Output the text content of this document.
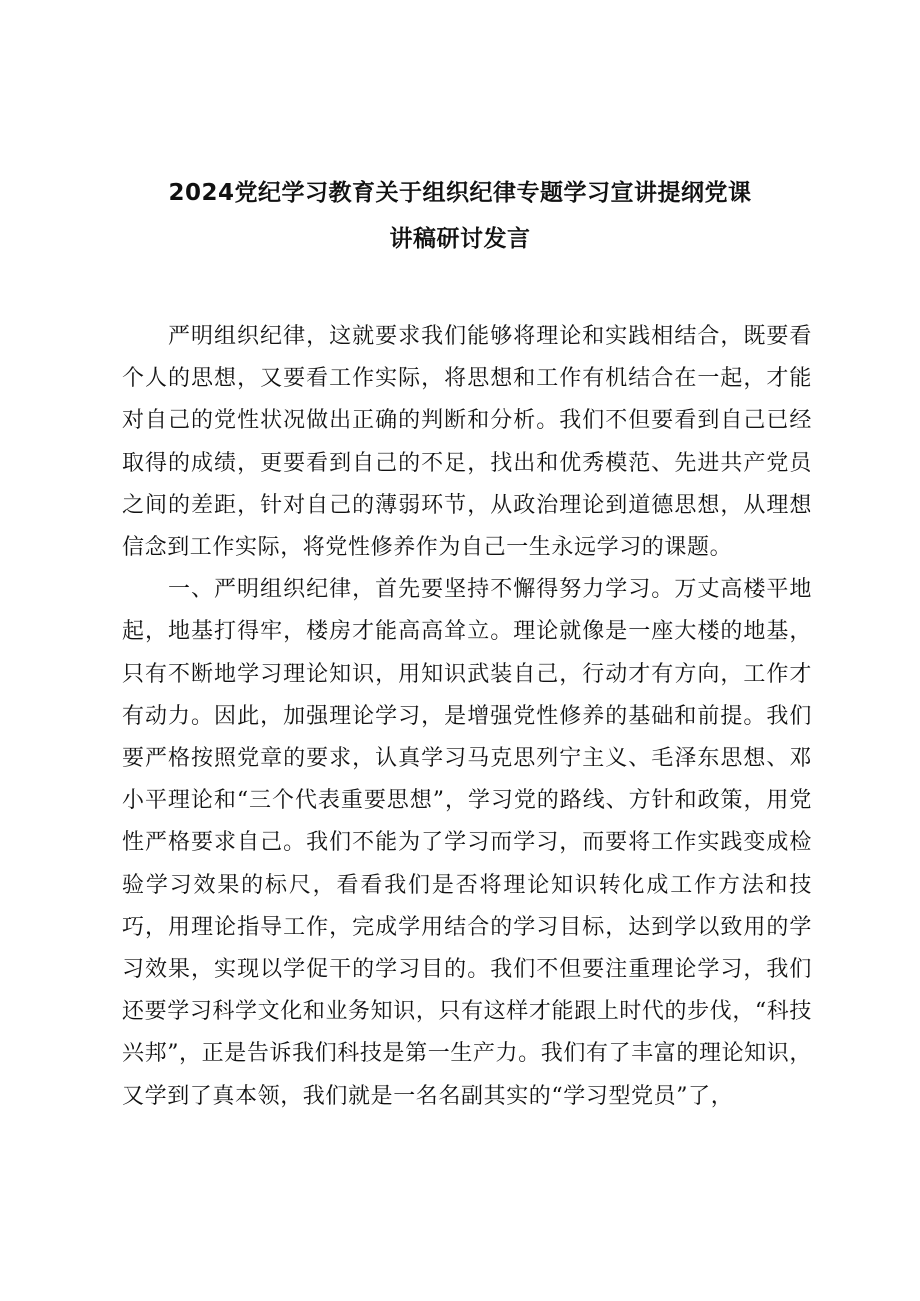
2024党纪学习教育关于组织纪律专题学习宣讲提纲党课
讲稿研讨发言

严明组织纪律，这就要求我们能够将理论和实践相结合，既要看个人的思想，又要看工作实际，将思想和工作有机结合在一起，才能对自己的党性状况做出正确的判断和分析。我们不但要看到自己已经取得的成绩，更要看到自己的不足，找出和优秀模范、先进共产党员之间的差距，针对自己的薄弱环节，从政治理论到道德思想，从理想信念到工作实际，将党性修养作为自己一生永远学习的课题。

一、严明组织纪律，首先要坚持不懈得努力学习。万丈高楼平地起，地基打得牢，楼房才能高高耸立。理论就像是一座大楼的地基，只有不断地学习理论知识，用知识武装自己，行动才有方向，工作才有动力。因此，加强理论学习，是增强党性修养的基础和前提。我们要严格按照党章的要求，认真学习马克思列宁主义、毛泽东思想、邓小平理论和“三个代表重要思想”，学习党的路线、方针和政策，用党性严格要求自己。我们不能为了学习而学习，而要将工作实践变成检验学习效果的标尺，看看我们是否将理论知识转化成工作方法和技巧，用理论指导工作，完成学用结合的学习目标，达到学以致用的学习效果，实现以学促干的学习目的。我们不但要注重理论学习，我们还要学习科学文化和业务知识，只有这样才能跟上时代的步伐，“科技兴邦”，正是告诉我们科技是第一生产力。我们有了丰富的理论知识，又学到了真本领，我们就是一名名副其实的“学习型党员”了，
